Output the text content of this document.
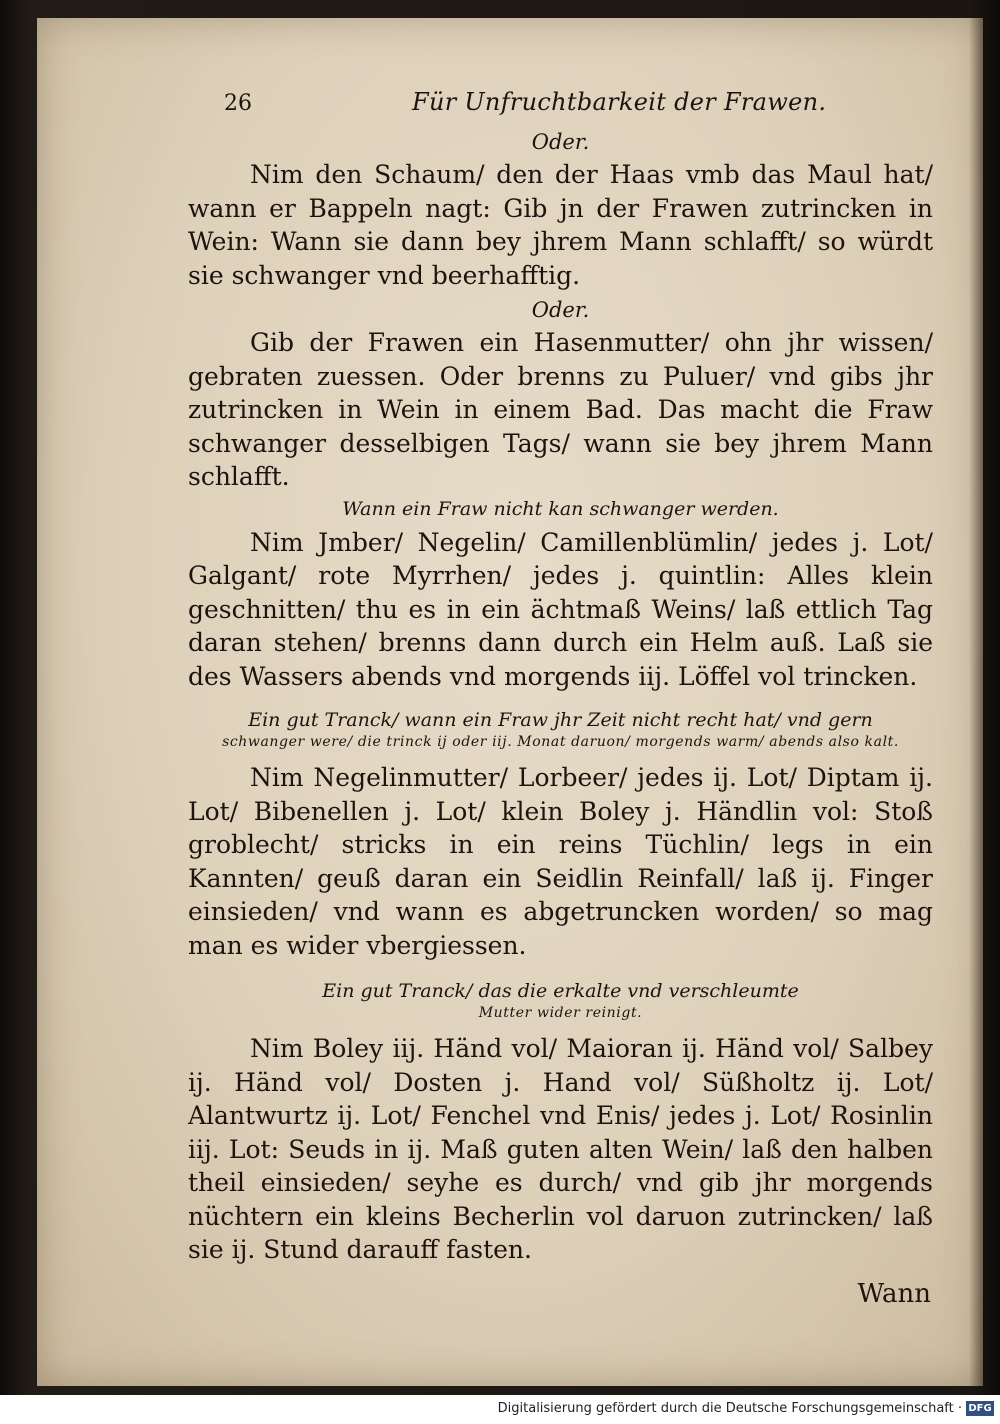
26	Für Unfruchtbarkeit der Frawen.
Oder.

Nim den Schaum/ den der Haas vmb das Maul hat/ wann er Bappeln nagt: Gib jn der Frawen zutrincken in Wein: Wann sie dann bey jhrem Mann schlafft/ so würdt sie schwanger vnd beerhafftig.

Oder.

Gib der Frawen ein Hasenmutter/ ohn jhr wissen/ gebraten zuessen. Oder brenns zu Puluer/ vnd gibs jhr zutrincken in Wein in einem Bad. Das macht die Fraw schwanger desselbigen Tags/ wann sie bey jhrem Mann schlafft.

Wann ein Fraw nicht kan schwanger werden.

Nim Jmber/ Negelin/ Camillenblümlin/ jedes j. Lot/ Galgant/ rote Myrrhen/ jedes j. quintlin: Alles klein geschnitten/ thu es in ein ächtmaß Weins/ laß ettlich Tag daran stehen/ brenns dann durch ein Helm auß. Laß sie des Wassers abends vnd morgends iij. Löffel vol trincken.

Ein gut Tranck/ wann ein Fraw jhr Zeit nicht recht hat/ vnd gern
schwanger were/ die trinck ij oder iij. Monat daruon/ morgends warm/ abends also kalt.

Nim Negelinmutter/ Lorbeer/ jedes ij. Lot/ Diptam ij. Lot/ Bibenellen j. Lot/ klein Boley j. Händlin vol: Stoß groblecht/ stricks in ein reins Tüchlin/ legs in ein Kannten/ geuß daran ein Seidlin Reinfall/ laß ij. Finger einsieden/ vnd wann es abgetruncken worden/ so mag man es wider vbergiessen.

Ein gut Tranck/ das die erkalte vnd verschleumte
Mutter wider reinigt.

Nim Boley iij. Händ vol/ Maioran ij. Händ vol/ Salbey ij. Händ vol/ Dosten j. Hand vol/ Süßholtz ij. Lot/ Alantwurtz ij. Lot/ Fenchel vnd Enis/ jedes j. Lot/ Rosinlin iij. Lot: Seuds in ij. Maß guten alten Wein/ laß den halben theil einsieden/ seyhe es durch/ vnd gib jhr morgends nüchtern ein kleins Becherlin vol daruon zutrincken/ laß sie ij. Stund darauff fasten.

Wann
Digitalisierung gefördert durch die Deutsche Forschungsgemeinschaft · DFG
